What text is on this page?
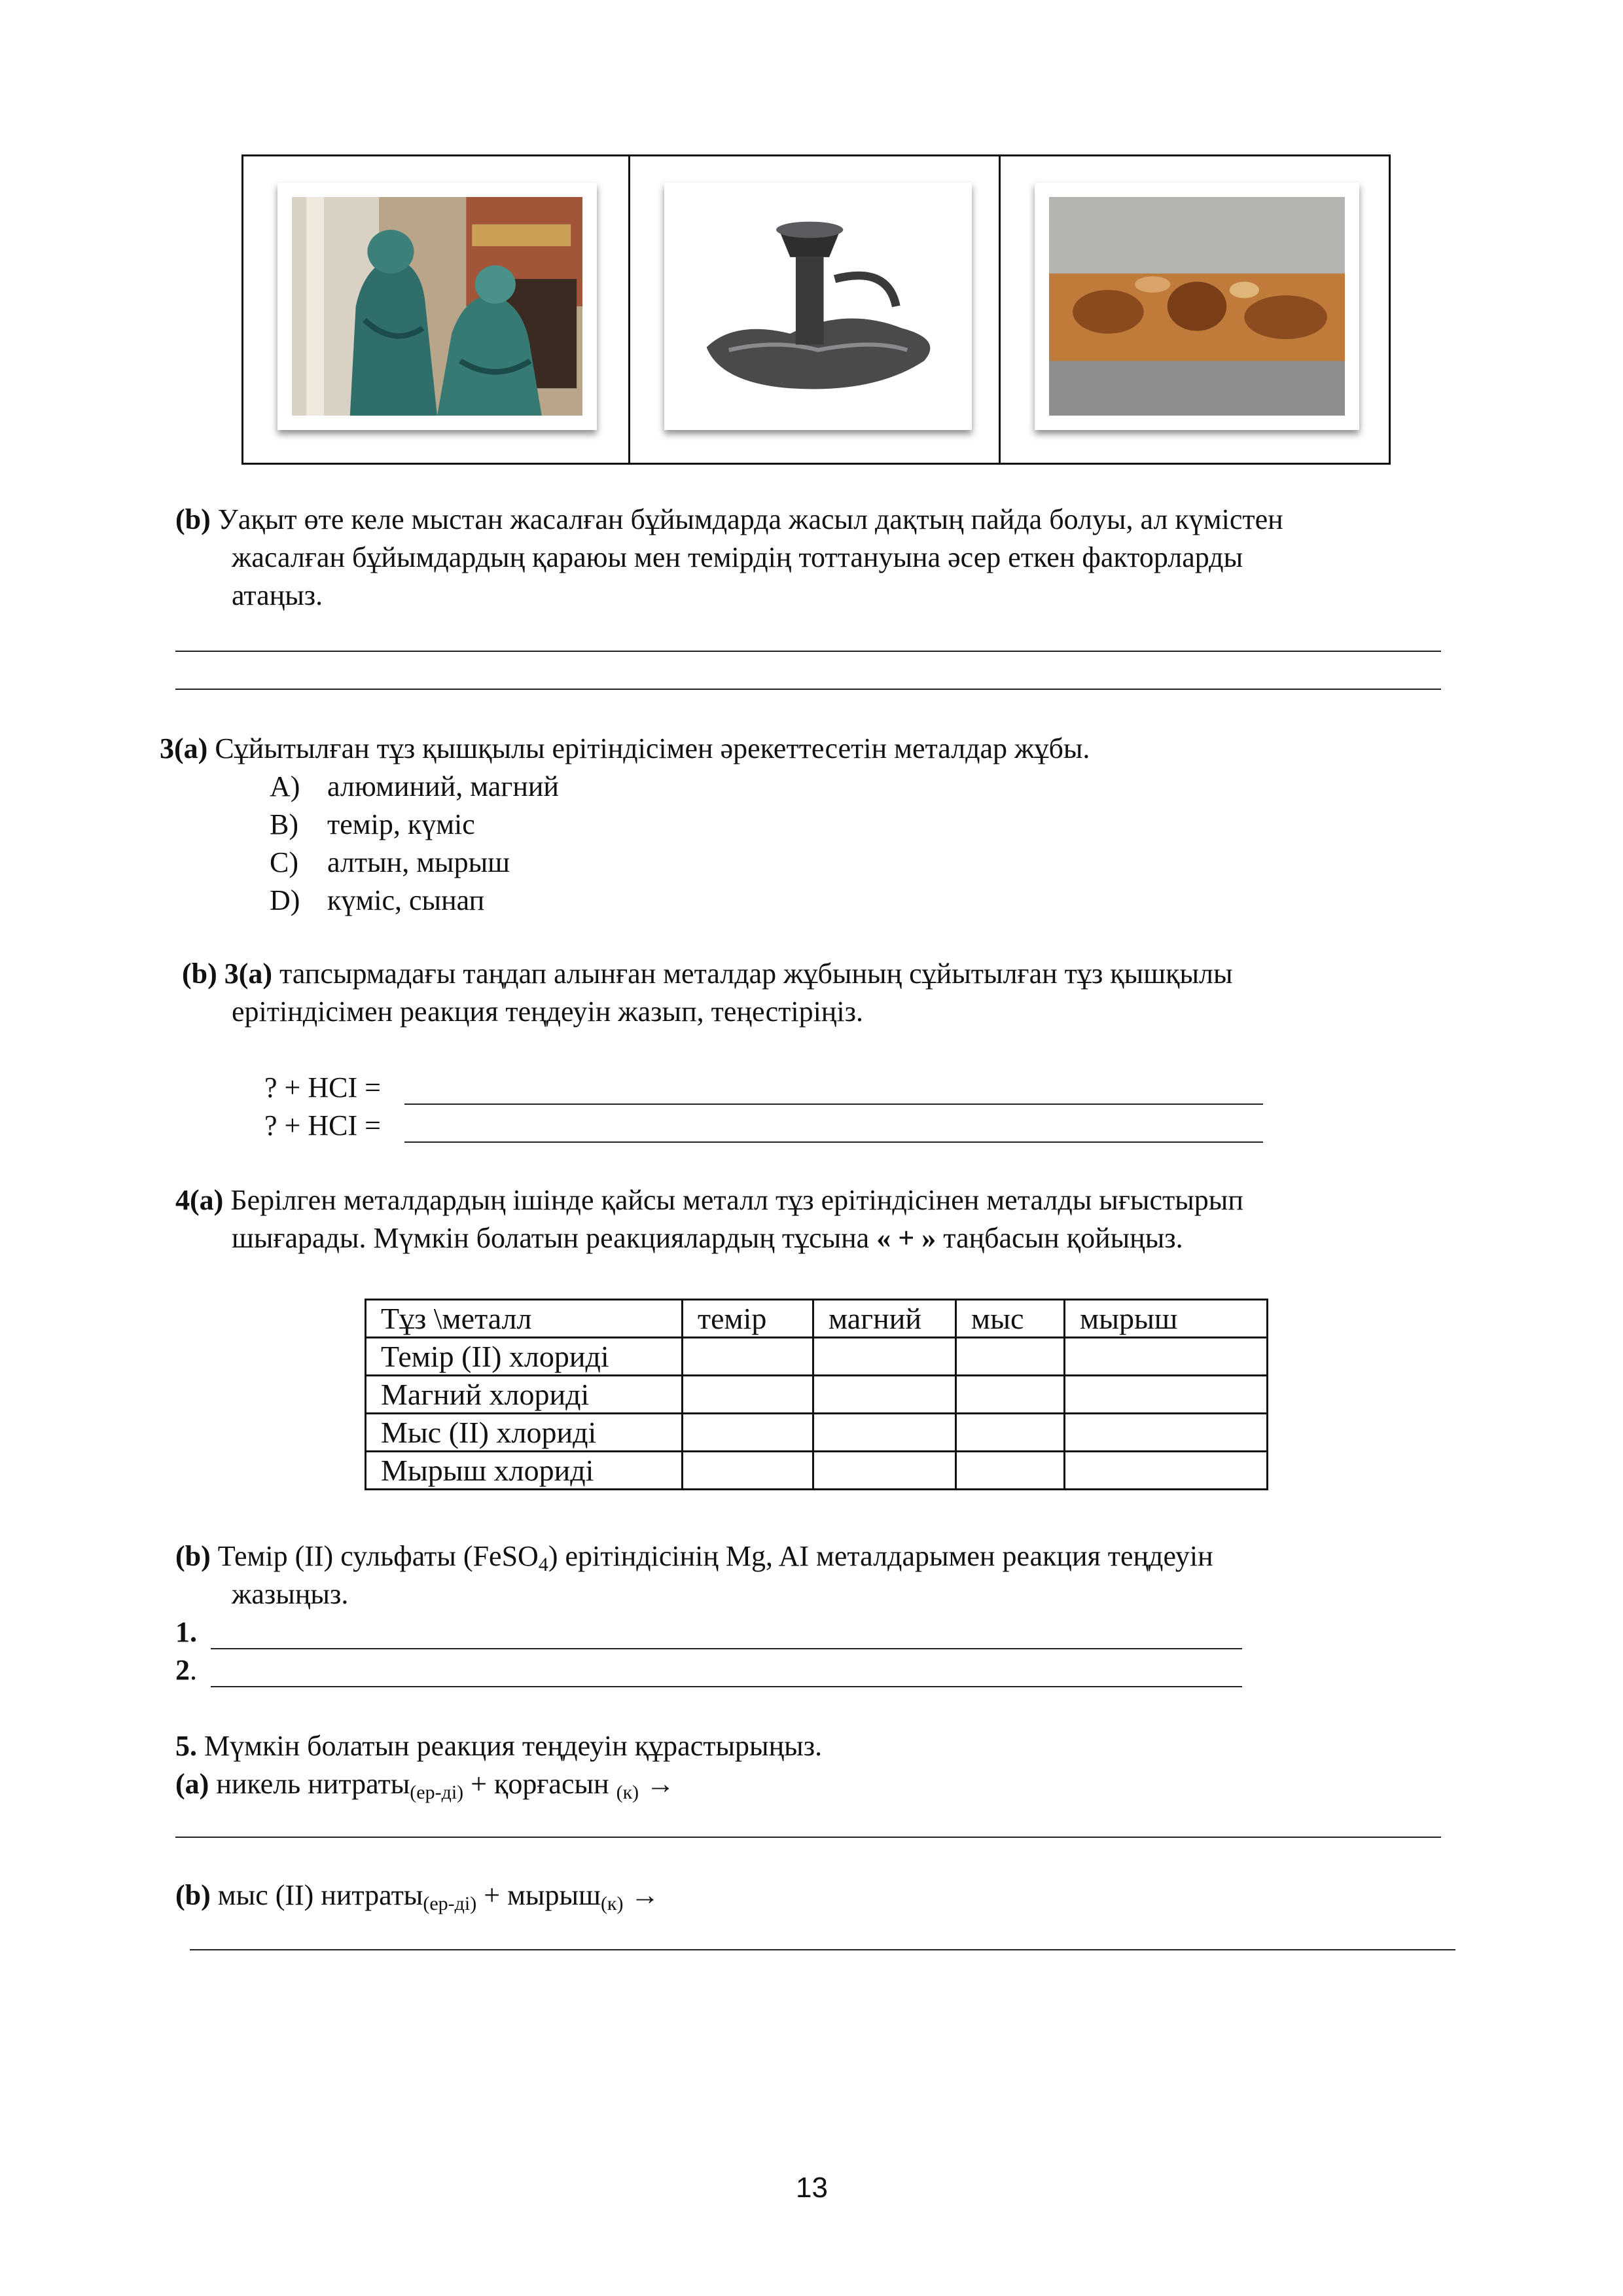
(b) Уақыт өте келе мыстан жасалған бұйымдарда жасыл дақтың пайда болуы, ал күмістен
жасалған бұйымдардың қараюы мен темірдің тоттануына әсер еткен факторларды
атаңыз.
3(а) Сұйытылған тұз қышқылы ерітіндісімен әрекеттесетін металдар жұбы.
A) алюминий, магний
B) темір, күміс
C) алтын, мырыш
D) күміс, сынап
(b) 3(a) тапсырмадағы таңдап алынған металдар жұбының сұйытылған тұз қышқылы
ерітіндісімен реакция теңдеуін жазып, теңестіріңіз.
? + HCI =
? + HCI =
4(а) Берілген металдардың ішінде қайсы металл тұз ерітіндісінен металды ығыстырып
шығарады. Мүмкін болатын реакциялардың тұсына « + » таңбасын қойыңыз.
Тұз \металл	темір	магний	мыс	мырыш
Темір (II) хлориді				
Магний хлориді				
Мыс (II) хлориді				
Мырыш хлориді				
(b) Темір (II) сульфаты (FeSO$_4$) ерітіндісінің Mg, AI металдарымен реакция теңдеуін
жазыңыз.
1.
2.
5. Мүмкін болатын реакция теңдеуін құрастырыңыз.
(a) никель нитраты$_{(ер-ді)}$ + қорғасын $_{(к)}$ →
(b) мыс (II) нитраты$_{(ер-ді)}$ + мырыш$_{(к)}$ →
13
